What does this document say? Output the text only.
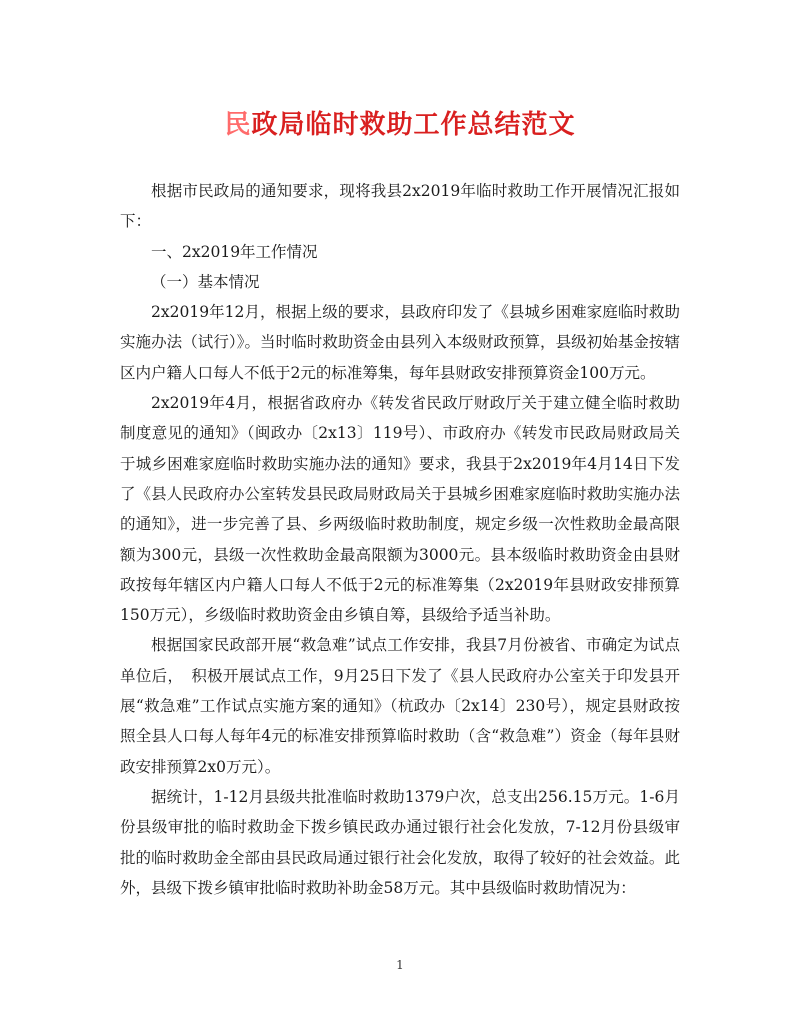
民政局临时救助工作总结范文

根据市民政局的通知要求，现将我县2x2019年临时救助工作开展情况汇报如下：

一、2x2019年工作情况

（一）基本情况

2x2019年12月，根据上级的要求，县政府印发了《县城乡困难家庭临时救助实施办法（试行）》。当时临时救助资金由县列入本级财政预算，县级初始基金按辖区内户籍人口每人不低于2元的标准筹集，每年县财政安排预算资金100万元。

2x2019年4月，根据省政府办《转发省民政厅财政厅关于建立健全临时救助制度意见的通知》（闽政办〔2x13〕119号）、市政府办《转发市民政局财政局关于城乡困难家庭临时救助实施办法的通知》要求，我县于2x2019年4月14日下发了《县人民政府办公室转发县民政局财政局关于县城乡困难家庭临时救助实施办法的通知》，进一步完善了县、乡两级临时救助制度，规定乡级一次性救助金最高限额为300元，县级一次性救助金最高限额为3000元。县本级临时救助资金由县财政按每年辖区内户籍人口每人不低于2元的标准筹集（2x2019年县财政安排预算150万元），乡级临时救助资金由乡镇自筹，县级给予适当补助。

根据国家民政部开展“救急难”试点工作安排，我县7月份被省、市确定为试点单位后，　积极开展试点工作，9月25日下发了《县人民政府办公室关于印发县开展“救急难”工作试点实施方案的通知》（杭政办〔2x14〕230号），规定县财政按照全县人口每人每年4元的标准安排预算临时救助（含“救急难”）资金（每年县财政安排预算2x0万元）。

据统计，1-12月县级共批准临时救助1379户次，总支出256.15万元。1-6月份县级审批的临时救助金下拨乡镇民政办通过银行社会化发放，7-12月份县级审批的临时救助金全部由县民政局通过银行社会化发放，取得了较好的社会效益。此外，县级下拨乡镇审批临时救助补助金58万元。其中县级临时救助情况为：

1
